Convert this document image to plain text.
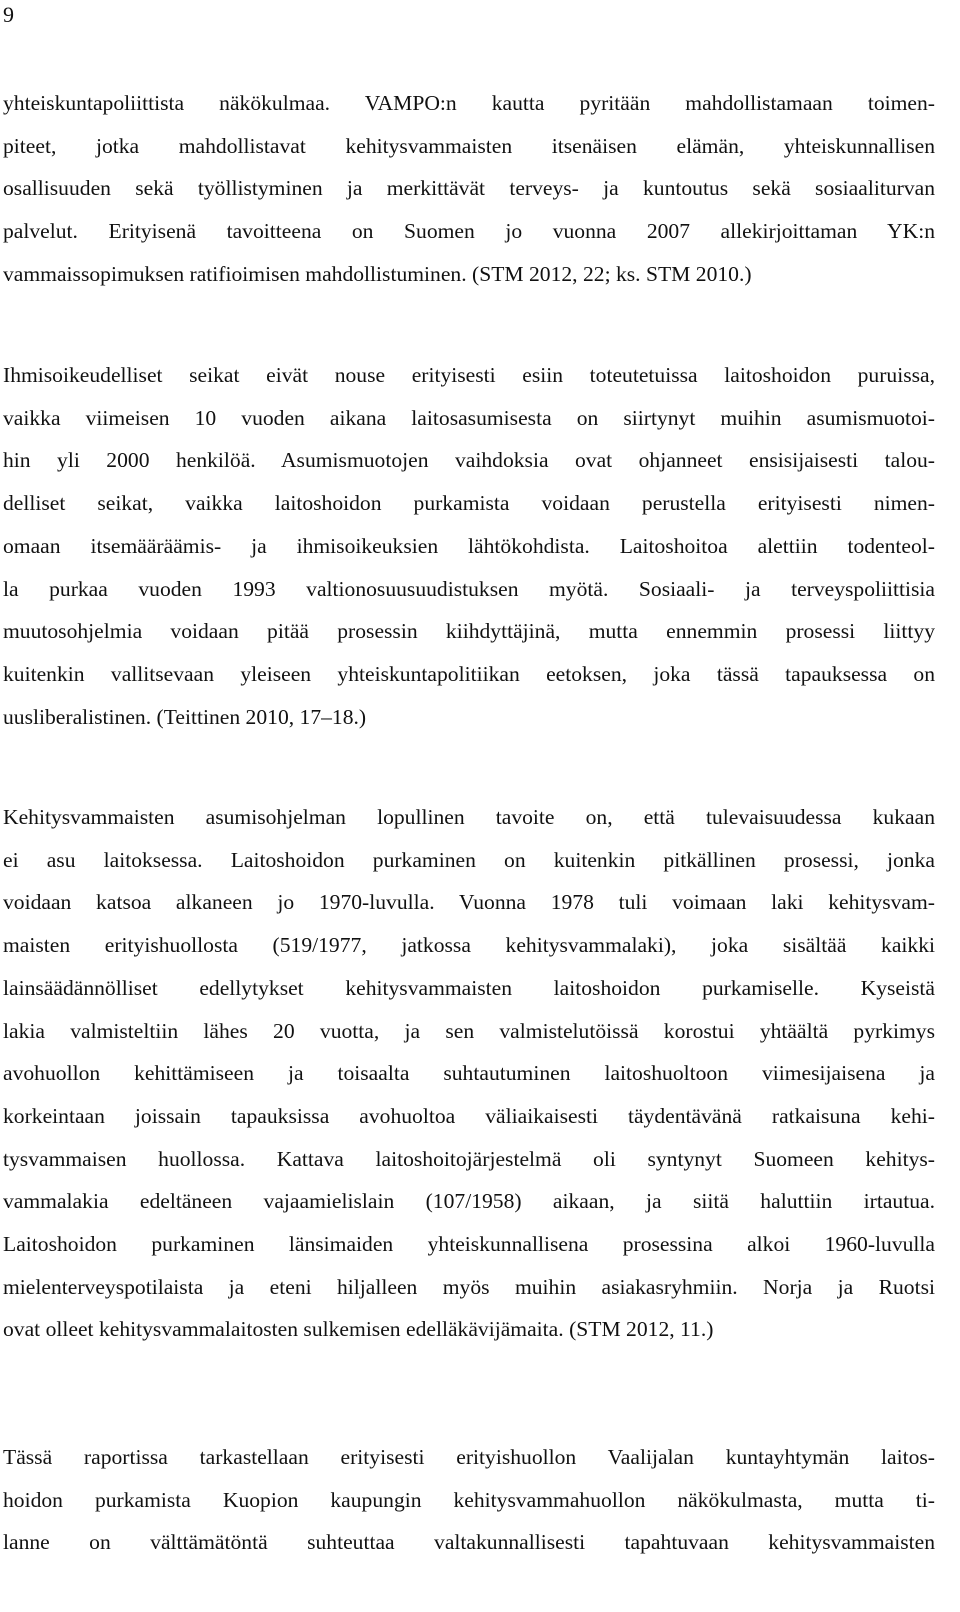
9
yhteiskuntapoliittista näkökulmaa. VAMPO:n kautta pyritään mahdollistamaan toimen-
piteet, jotka mahdollistavat kehitysvammaisten itsenäisen elämän, yhteiskunnallisen
osallisuuden sekä työllistyminen ja merkittävät terveys- ja kuntoutus sekä sosiaaliturvan
palvelut. Erityisenä tavoitteena on Suomen jo vuonna 2007 allekirjoittaman YK:n
vammaissopimuksen ratifioimisen mahdollistuminen. (STM 2012, 22; ks. STM 2010.)
Ihmisoikeudelliset seikat eivät nouse erityisesti esiin toteutetuissa laitoshoidon puruissa,
vaikka viimeisen 10 vuoden aikana laitosasumisesta on siirtynyt muihin asumismuotoi-
hin yli 2000 henkilöä. Asumismuotojen vaihdoksia ovat ohjanneet ensisijaisesti talou-
delliset seikat, vaikka laitoshoidon purkamista voidaan perustella erityisesti nimen-
omaan itsemääräämis- ja ihmisoikeuksien lähtökohdista. Laitoshoitoa alettiin todenteol-
la purkaa vuoden 1993 valtionosuusuudistuksen myötä. Sosiaali- ja terveyspoliittisia
muutosohjelmia voidaan pitää prosessin kiihdyttäjinä, mutta ennemmin prosessi liittyy
kuitenkin vallitsevaan yleiseen yhteiskuntapolitiikan eetoksen, joka tässä tapauksessa on
uusliberalistinen. (Teittinen 2010, 17–18.)
Kehitysvammaisten asumisohjelman lopullinen tavoite on, että tulevaisuudessa kukaan
ei asu laitoksessa. Laitoshoidon purkaminen on kuitenkin pitkällinen prosessi, jonka
voidaan katsoa alkaneen jo 1970-luvulla. Vuonna 1978 tuli voimaan laki kehitysvam-
maisten erityishuollosta (519/1977, jatkossa kehitysvammalaki), joka sisältää kaikki
lainsäädännölliset edellytykset kehitysvammaisten laitoshoidon purkamiselle. Kyseistä
lakia valmisteltiin lähes 20 vuotta, ja sen valmistelutöissä korostui yhtäältä pyrkimys
avohuollon kehittämiseen ja toisaalta suhtautuminen laitoshuoltoon viimesijaisena ja
korkeintaan joissain tapauksissa avohuoltoa väliaikaisesti täydentävänä ratkaisuna kehi-
tysvammaisen huollossa. Kattava laitoshoitojärjestelmä oli syntynyt Suomeen kehitys-
vammalakia edeltäneen vajaamielislain (107/1958) aikaan, ja siitä haluttiin irtautua.
Laitoshoidon purkaminen länsimaiden yhteiskunnallisena prosessina alkoi 1960-luvulla
mielenterveyspotilaista ja eteni hiljalleen myös muihin asiakasryhmiin. Norja ja Ruotsi
ovat olleet kehitysvammalaitosten sulkemisen edelläkävijämaita. (STM 2012, 11.)
Tässä raportissa tarkastellaan erityisesti erityishuollon Vaalijalan kuntayhtymän laitos-
hoidon purkamista Kuopion kaupungin kehitysvammahuollon näkökulmasta, mutta ti-
lanne on välttämätöntä suhteuttaa valtakunnallisesti tapahtuvaan kehitysvammaisten
